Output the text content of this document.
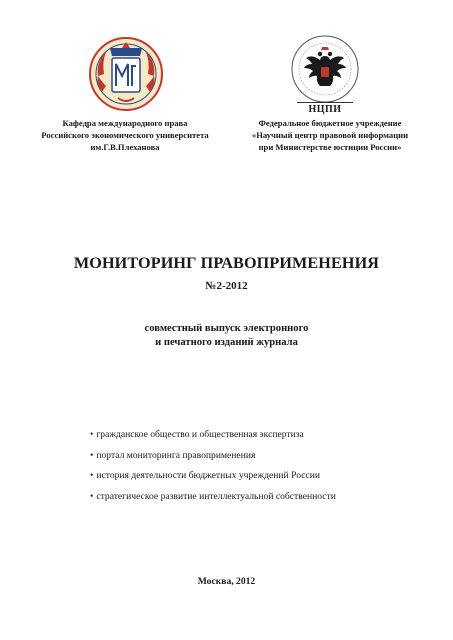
НЦПИ
Кафедра международного права
Российского экономического университета
им.Г.В.Плеханова
Федеральное бюджетное учреждение
«Научный центр правовой информации
при Министерстве юстиции России»
МОНИТОРИНГ ПРАВОПРИМЕНЕНИЯ
№2-2012
совместный выпуск электронного
и печатного изданий журнала
• гражданское общество и общественная экспертиза
• портал мониторинга правоприменения
• история деятельности бюджетных учреждений России
• стратегическое развитие интеллектуальной собственности
Москва, 2012
